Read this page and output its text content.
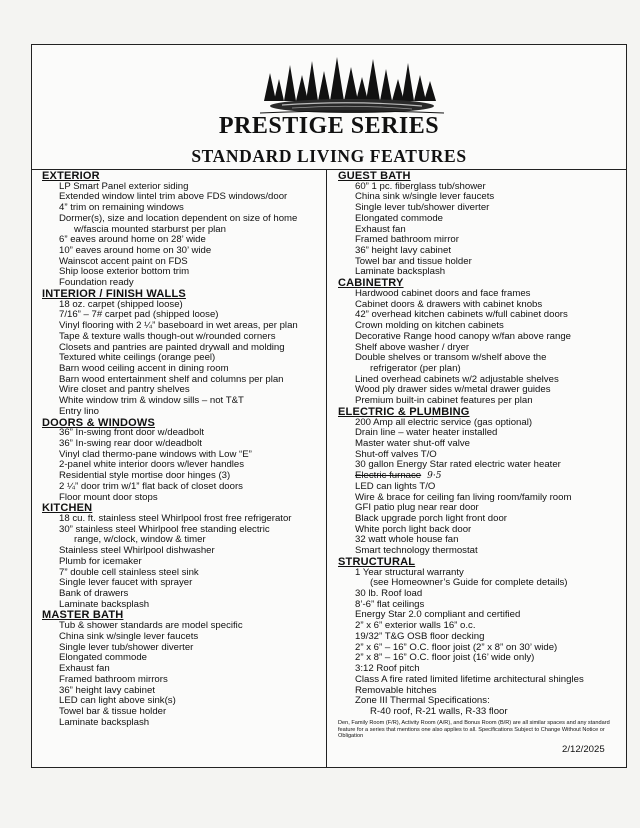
PRESTIGE SERIES
STANDARD LIVING FEATURES
EXTERIOR
LP Smart Panel exterior siding
Extended window lintel trim above FDS windows/door
4” trim on remaining windows
Dormer(s), size and location dependent on size of home
w/fascia mounted starburst per plan
6” eaves around home on 28’ wide
10” eaves around home on 30’ wide
Wainscot accent paint on FDS
Ship loose exterior bottom trim
Foundation ready
INTERIOR / FINISH WALLS
18 oz. carpet (shipped loose)
7/16” – 7# carpet pad (shipped loose)
Vinyl flooring with 2 ¼” baseboard in wet areas, per plan
Tape & texture walls though-out w/rounded corners
Closets and pantries are painted drywall and molding
Textured white ceilings (orange peel)
Barn wood ceiling accent in dining room
Barn wood entertainment shelf and columns per plan
Wire closet and pantry shelves
White window trim & window sills – not T&T
Entry lino
DOORS & WINDOWS
36” In-swing front door w/deadbolt
36” In-swing rear door w/deadbolt
Vinyl clad thermo-pane windows with Low “E”
2-panel white interior doors w/lever handles
Residential style mortise door hinges (3)
2 ¼” door trim w/1” flat back of closet doors
Floor mount door stops
KITCHEN
18 cu. ft. stainless steel Whirlpool frost free refrigerator
30” stainless steel Whirlpool free standing electric
range, w/clock, window & timer
Stainless steel Whirlpool dishwasher
Plumb for icemaker
7” double cell stainless steel sink
Single lever faucet with sprayer
Bank of drawers
Laminate backsplash
MASTER BATH
Tub & shower standards are model specific
China sink w/single lever faucets
Single lever tub/shower diverter
Elongated commode
Exhaust fan
Framed bathroom mirrors
36” height lavy cabinet
LED can light above sink(s)
Towel bar & tissue holder
Laminate backsplash
GUEST BATH
60” 1 pc. fiberglass tub/shower
China sink w/single lever faucets
Single lever tub/shower diverter
Elongated commode
Exhaust fan
Framed bathroom mirror
36” height lavy cabinet
Towel bar and tissue holder
Laminate backsplash
CABINETRY
Hardwood cabinet doors and face frames
Cabinet doors & drawers with cabinet knobs
42” overhead kitchen cabinets w/full cabinet doors
Crown molding on kitchen cabinets
Decorative Range hood canopy w/fan above range
Shelf above washer / dryer
Double shelves or transom w/shelf above the
refrigerator (per plan)
Lined overhead cabinets w/2 adjustable shelves
Wood ply drawer sides w/metal drawer guides
Premium built-in cabinet features per plan
ELECTRIC & PLUMBING
200 Amp all electric service (gas optional)
Drain line – water heater installed
Master water shut-off valve
Shut-off valves T/O
30 gallon Energy Star rated electric water heater
Electric furnace 9·5
LED can lights T/O
Wire & brace for ceiling fan living room/family room
GFI patio plug near rear door
Black upgrade porch light front door
White porch light back door
32 watt whole house fan
Smart technology thermostat
STRUCTURAL
1 Year structural warranty
(see Homeowner’s Guide for complete details)
30 lb. Roof load
8’-6” flat ceilings
Energy Star 2.0 compliant and certified
2” x 6” exterior walls 16” o.c.
19/32” T&G OSB floor decking
2” x 6” – 16” O.C. floor joist (2” x 8” on 30’ wide)
2” x 8” – 16” O.C. floor joist (16’ wide only)
3:12 Roof pitch
Class A fire rated limited lifetime architectural shingles
Removable hitches
Zone III Thermal Specifications:
R-40 roof, R-21 walls, R-33 floor
Den, Family Room (F/R), Activity Room (A/R), and Bonus Room (B/R) are all similar spaces and any standard feature for a series that mentions one also applies to all. Specifications Subject to Change Without Notice or Obligation
2/12/2025
